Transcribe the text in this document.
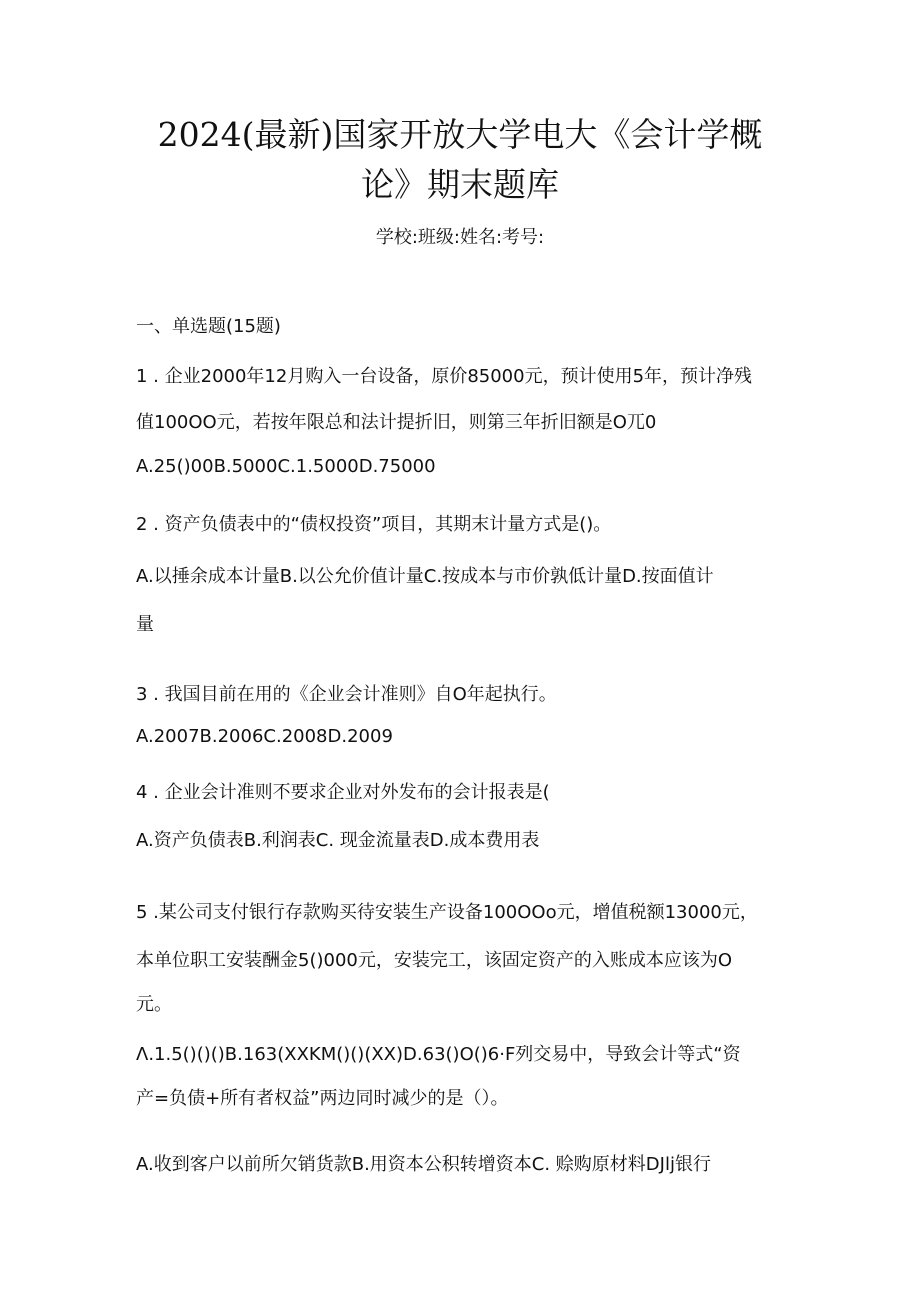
2024(最新)国家开放大学电大《会计学概
论》期末题库
学校:班级:姓名:考号:
一、单选题(15题)
1 . 企业2000年12月购入一台设备，原价85000元，预计使用5年，预计净残
值100OO元，若按年限总和法计提折旧，则第三年折旧额是O兀0
A.25()00B.5000C.1.5000D.75000
2 . 资产负债表中的“债权投资”项目，其期末计量方式是()。
A.以捶余成本计量B.以公允价值计量C.按成本与市价孰低计量D.按面值计
量
3 . 我国目前在用的《企业会计准则》自O年起执行。
A.2007B.2006C.2008D.2009
4 . 企业会计准则不要求企业对外发布的会计报表是(
A.资产负债表B.利润表C. 现金流量表D.成本费用表
5 .某公司支付银行存款购买待安装生产设备100OOo元，增值税额13000元，
本单位职工安装酬金5()000元，安装完工，该固定资产的入账成本应该为O
元。
Λ.1.5()()()B.163(XXKM()()(XX)D.63()O()6·F列交易中，导致会计等式“资
产=负债+所有者权益”两边同时减少的是（）。
A.收到客户以前所欠销货款B.用资本公积转增资本C. 赊购原材料DJlj银行
